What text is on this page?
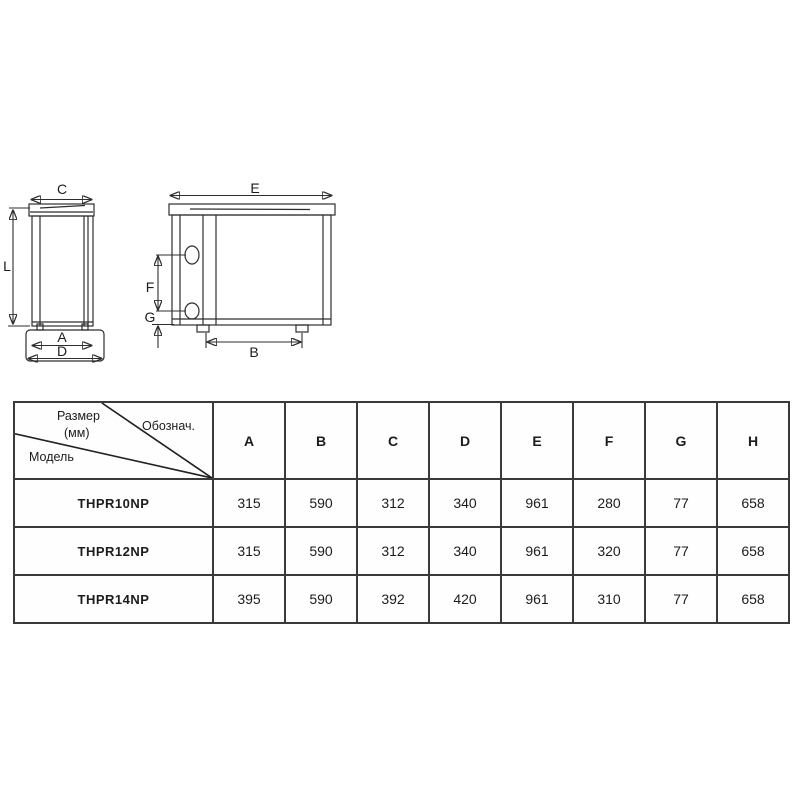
C
A
D
L
E
F
G
B
Размер
(мм) Обознач.
Модель	A	B	C	D	E	F	G	H
THPR10NP	315	590	312	340	961	280	77	658
THPR12NP	315	590	312	340	961	320	77	658
THPR14NP	395	590	392	420	961	310	77	658
